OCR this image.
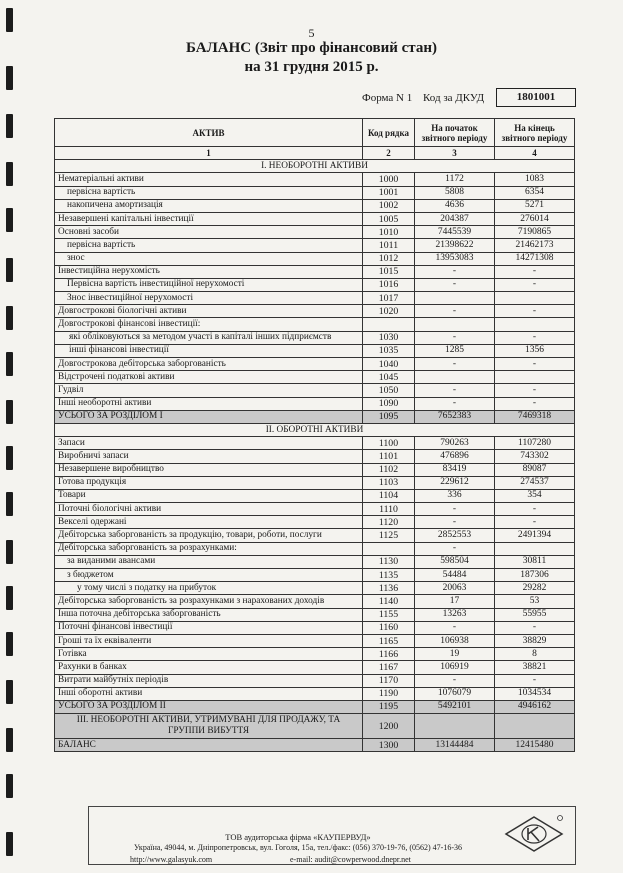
5
БАЛАНС (Звіт про фінансовий стан)
на 31 грудня 2015 р.
Форма N 1 Код за ДКУД	1801001
АКТИВ	Код рядка	На початок звітного періоду	На кінець звітного періоду
1	2	3	4
I. НЕОБОРОТНІ АКТИВИ			
Нематеріальні активи	1000	1172	1083
первісна вартість	1001	5808	6354
накопичена амортизація	1002	4636	5271
Незавершені капітальні інвестиції	1005	204387	276014
Основні засоби	1010	7445539	7190865
первісна вартість	1011	21398622	21462173
знос	1012	13953083	14271308
Інвестиційна нерухомість	1015	-	-
Первісна вартість інвестиційної нерухомості	1016	-	-
Знос інвестиційної нерухомості	1017		
Довгострокові біологічні активи	1020	-	-
Довгострокові фінансові інвестиції:			
які обліковуються за методом участі в капіталі інших підприємств	1030	-	-
інші фінансові інвестиції	1035	1285	1356
Довгострокова дебіторська заборгованість	1040	-	-
Відстрочені податкові активи	1045		
Гудвіл	1050	-	-
Інші необоротні активи	1090	-	-
УСЬОГО ЗА РОЗДІЛОМ I	1095	7652383	7469318
II. ОБОРОТНІ АКТИВИ			
Запаси	1100	790263	1107280
Виробничі запаси	1101	476896	743302
Незавершене виробництво	1102	83419	89087
Готова продукція	1103	229612	274537
Товари	1104	336	354
Поточні біологічні активи	1110	-	-
Векселі одержані	1120	-	-
Дебіторська заборгованість за продукцію, товари, роботи, послуги	1125	2852553	2491394
Дебіторська заборгованість за розрахунками:		-	
за виданими авансами	1130	598504	30811
з бюджетом	1135	54484	187306
у тому числі з податку на прибуток	1136	20063	29282
Дебіторська заборгованість за розрахунками з нарахованих доходів	1140	17	53
Інша поточна дебіторська заборгованість	1155	13263	55955
Поточні фінансові інвестиції	1160	-	-
Гроші та їх еквіваленти	1165	106938	38829
Готівка	1166	19	8
Рахунки в банках	1167	106919	38821
Витрати майбутніх періодів	1170	-	-
Інші оборотні активи	1190	1076079	1034534
УСЬОГО ЗА РОЗДІЛОМ II	1195	5492101	4946162
III. НЕОБОРОТНІ АКТИВИ, УТРИМУВАНІ ДЛЯ ПРОДАЖУ, ТА ГРУППИ ВИБУТТЯ	1200		
БАЛАНС	1300	13144484	12415480
ТОВ аудиторська фірма «КАУПЕРВУД»
Україна, 49044, м. Дніпропетровськ, вул. Гоголя, 15а, тел./факс: (056) 370-19-76, (0562) 47-16-36
http://www.galasyuk.com	e-mail: audit@cowperwood.dnepr.net
